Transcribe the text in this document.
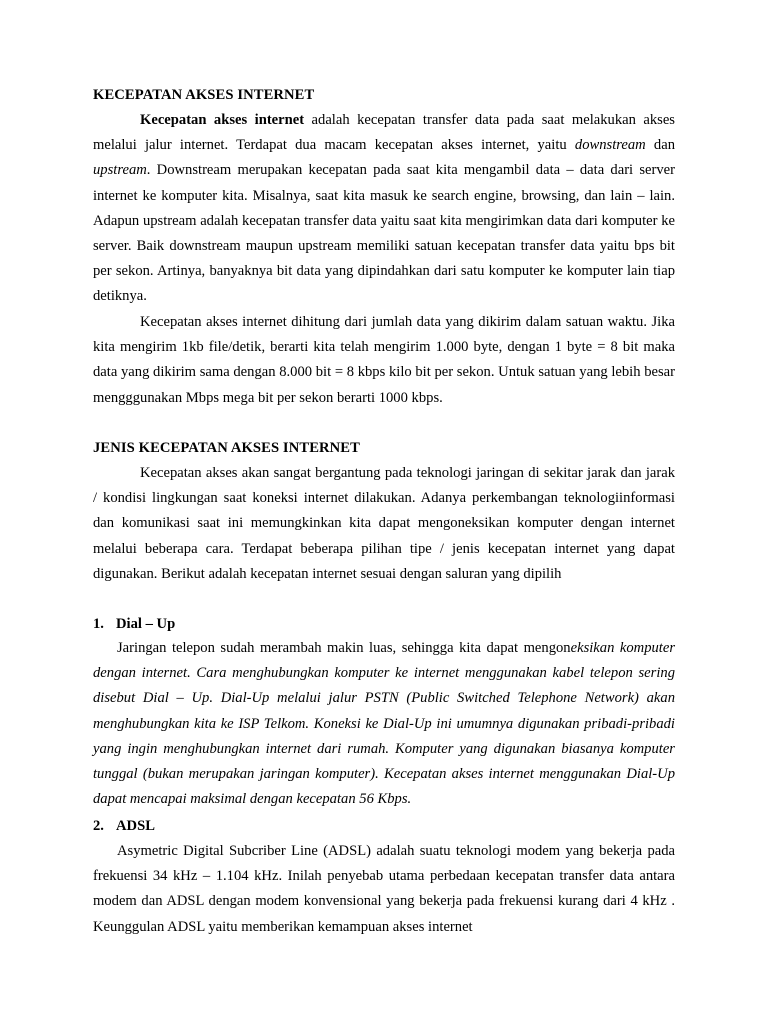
KECEPATAN AKSES INTERNET

Kecepatan akses internet adalah kecepatan transfer data pada saat melakukan akses melalui jalur internet. Terdapat dua macam kecepatan akses internet, yaitu downstream dan upstream. Downstream merupakan kecepatan pada saat kita mengambil data – data dari server internet ke komputer kita. Misalnya, saat kita masuk ke search engine, browsing, dan lain – lain. Adapun upstream adalah kecepatan transfer data yaitu saat kita mengirimkan data dari komputer ke server. Baik downstream maupun upstream memiliki satuan kecepatan transfer data yaitu bps bit per sekon. Artinya, banyaknya bit data yang dipindahkan dari satu komputer ke komputer lain tiap detiknya.

Kecepatan akses internet dihitung dari jumlah data yang dikirim dalam satuan waktu. Jika kita mengirim 1kb file/detik, berarti kita telah mengirim 1.000 byte, dengan 1 byte = 8 bit maka data yang dikirim sama dengan 8.000 bit = 8 kbps kilo bit per sekon. Untuk satuan yang lebih besar mengggunakan Mbps mega bit per sekon berarti 1000 kbps.

JENIS KECEPATAN AKSES INTERNET

Kecepatan akses akan sangat bergantung pada teknologi jaringan di sekitar jarak dan jarak / kondisi lingkungan saat koneksi internet dilakukan. Adanya perkembangan teknologiinformasi dan komunikasi saat ini memungkinkan kita dapat mengoneksikan komputer dengan internet melalui beberapa cara. Terdapat beberapa pilihan tipe / jenis kecepatan internet yang dapat digunakan. Berikut adalah kecepatan internet sesuai dengan saluran yang dipilih

1. Dial – Up

Jaringan telepon sudah merambah makin luas, sehingga kita dapat mengoneksikan komputer dengan internet. Cara menghubungkan komputer ke internet menggunakan kabel telepon sering disebut Dial – Up. Dial-Up melalui jalur PSTN (Public Switched Telephone Network) akan menghubungkan kita ke ISP Telkom. Koneksi ke Dial-Up ini umumnya digunakan pribadi-pribadi yang ingin menghubungkan internet dari rumah. Komputer yang digunakan biasanya komputer tunggal (bukan merupakan jaringan komputer). Kecepatan akses internet menggunakan Dial-Up dapat mencapai maksimal dengan kecepatan 56 Kbps.

2. ADSL

Asymetric Digital Subcriber Line (ADSL) adalah suatu teknologi modem yang bekerja pada frekuensi 34 kHz – 1.104 kHz. Inilah penyebab utama perbedaan kecepatan transfer data antara modem dan ADSL dengan modem konvensional yang bekerja pada frekuensi kurang dari 4 kHz . Keunggulan ADSL yaitu memberikan kemampuan akses internet
